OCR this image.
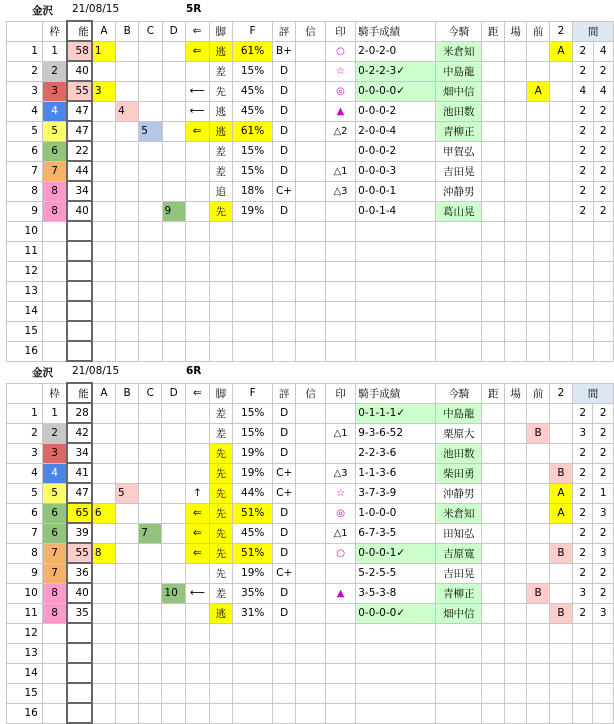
金沢 21/08/15	5R
	枠	能	A	B	C	D	⇐	脚	F	評	信	印	騎手成績	今騎	距	場	前	2	間	
1	1	58	1				⇐	逃	61%	B+		○	2-0-2-0	米倉知				A	2	4
2	2	40						差	15%	D		☆	0-2-2-3✓	中島龍					2	2
3	3	55	3				⟵	先	45%	D		◎	0-0-0-0✓	畑中信			A		4	4
4	4	47		4			⟵	逃	45%	D		▲	0-0-0-2	池田数					2	2
5	5	47			5		⇐	逃	61%	D		△2	2-0-0-4	青柳正					2	2
6	6	22						差	15%	D			0-0-0-2	甲賀弘					2	2
7	7	44						差	15%	D		△1	0-0-0-3	吉田晃					2	2
8	8	34						追	18%	C+		△3	0-0-0-1	沖静男					2	2
9	8	40				9		先	19%	D			0-0-1-4	葛山晃					2	2
10																				
11																				
12																				
13																				
14																				
15																				
16																				
金沢 21/08/15	6R
	枠	能	A	B	C	D	⇐	脚	F	評	信	印	騎手成績	今騎	距	場	前	2	間	
1	1	28						差	15%	D			0-1-1-1✓	中島龍					2	2
2	2	42						差	15%	D		△1	9-3-6-52	栗原大			B		3	2
3	3	34						先	19%	D			2-2-3-6	池田数					2	2
4	4	41						先	19%	C+		△3	1-1-3-6	柴田勇				B	2	2
5	5	47		5			↑	先	44%	C+		☆	3-7-3-9	沖静男				A	2	1
6	6	65	6				⇐	先	51%	D		◎	1-0-0-0	米倉知				A	2	3
7	6	39			7		⇐	先	45%	D		△1	6-7-3-5	田知弘					2	2
8	7	55	8				⇐	先	51%	D		○	0-0-0-1✓	吉原寛				B	2	3
9	7	36						先	19%	C+			5-2-5-5	吉田晃					2	2
10	8	40				10	⟵	差	35%	D		▲	3-5-3-8	青柳正			B		3	2
11	8	35						逃	31%	D			0-0-0-0✓	畑中信				B	2	3
12																				
13																				
14																				
15																				
16																				
